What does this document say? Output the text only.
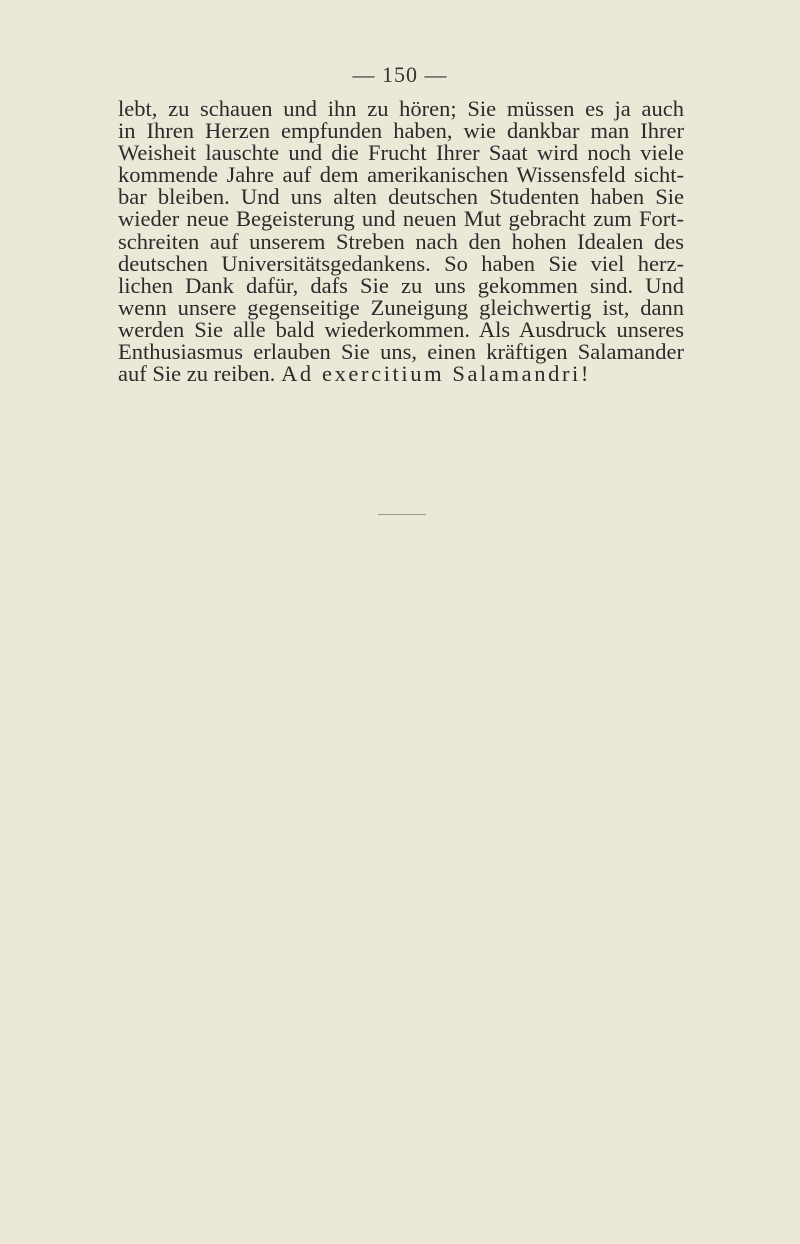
— 150 —
lebt, zu schauen und ihn zu hören; Sie müssen es ja auch
in Ihren Herzen empfunden haben, wie dankbar man Ihrer
Weisheit lauschte und die Frucht Ihrer Saat wird noch viele
kommende Jahre auf dem amerikanischen Wissensfeld sicht-
bar bleiben. Und uns alten deutschen Studenten haben Sie
wieder neue Begeisterung und neuen Mut gebracht zum Fort-
schreiten auf unserem Streben nach den hohen Idealen des
deutschen Universitätsgedankens. So haben Sie viel herz-
lichen Dank dafür, dafs Sie zu uns gekommen sind. Und
wenn unsere gegenseitige Zuneigung gleichwertig ist, dann
werden Sie alle bald wiederkommen. Als Ausdruck unseres
Enthusiasmus erlauben Sie uns, einen kräftigen Salamander
auf Sie zu reiben. Ad exercitium Salamandri!
